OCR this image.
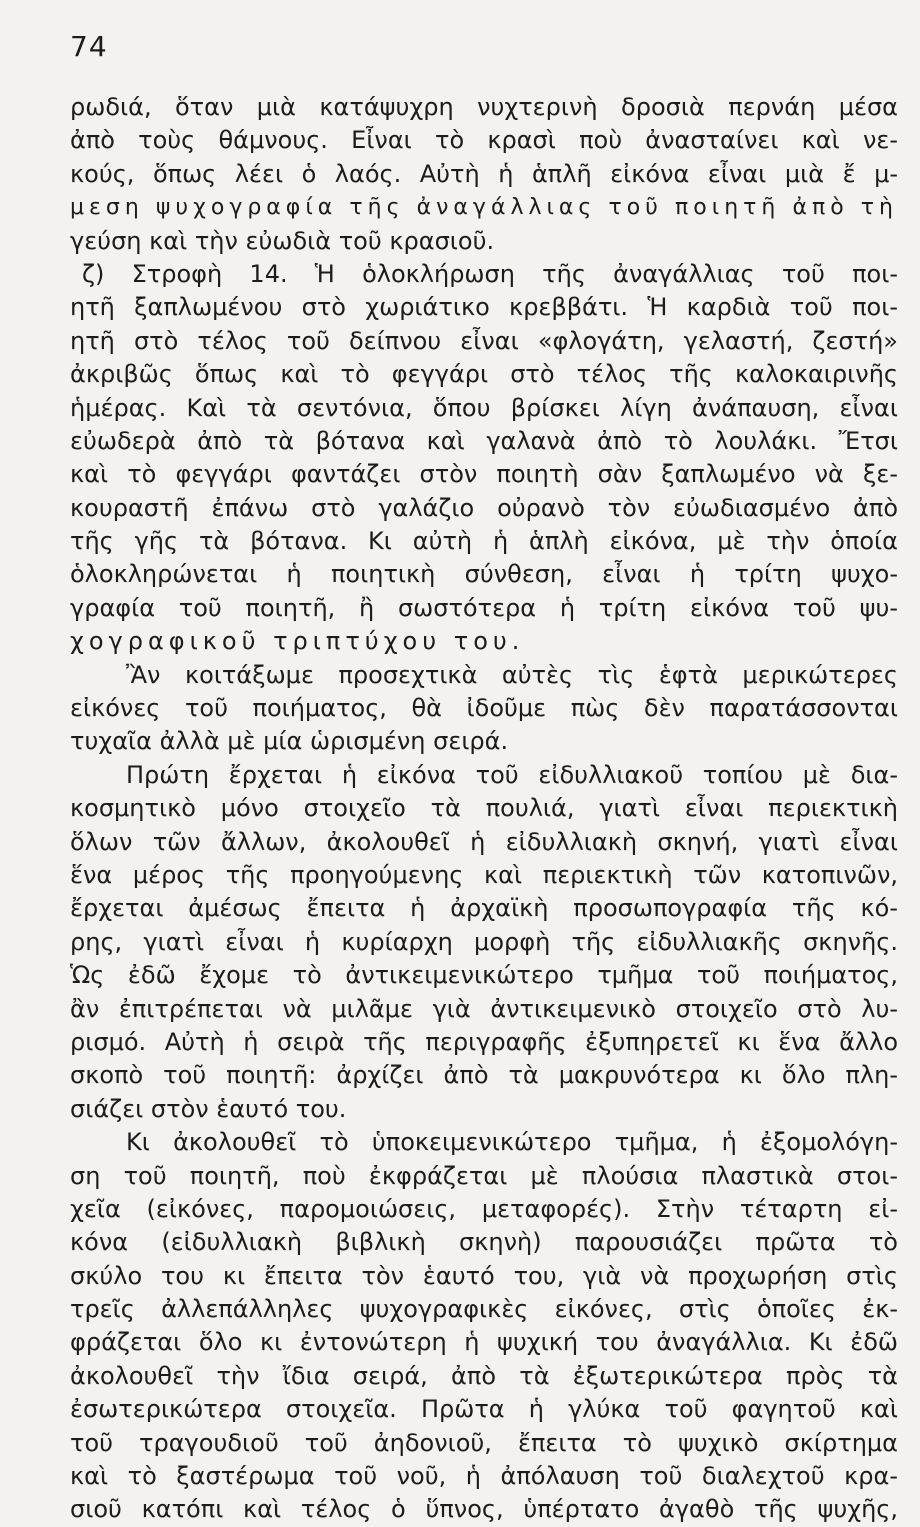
74
ρωδιά, ὅταν μιὰ κατάψυχρη νυχτερινὴ δροσιὰ περνάη μέσα
ἀπὸ τοὺς θάμνους. Εἶναι τὸ κρασὶ ποὺ ἀνασταίνει καὶ νε-
κούς, ὅπως λέει ὁ λαός. Αὐτὴ ἡ ἁπλῆ εἰκόνα εἶναι μιὰ ἔ μ-
μεση ψυχογραφία τῆς ἀναγάλλιας τοῦ ποιητῆ ἀπὸ τὴ
γεύση καὶ τὴν εὐωδιὰ τοῦ κρασιοῦ.
ζ) Στροφὴ 14. Ἡ ὁλοκλήρωση τῆς ἀναγάλλιας τοῦ ποι-
ητῆ ξαπλωμένου στὸ χωριάτικο κρεββάτι. Ἡ καρδιὰ τοῦ ποι-
ητῆ στὸ τέλος τοῦ δείπνου εἶναι «φλογάτη, γελαστή, ζεστή»
ἀκριβῶς ὅπως καὶ τὸ φεγγάρι στὸ τέλος τῆς καλοκαιρινῆς
ἡμέρας. Καὶ τὰ σεντόνια, ὅπου βρίσκει λίγη ἀνάπαυση, εἶναι
εὐωδερὰ ἀπὸ τὰ βότανα καὶ γαλανὰ ἀπὸ τὸ λουλάκι. Ἔτσι
καὶ τὸ φεγγάρι φαντάζει στὸν ποιητὴ σὰν ξαπλωμένο νὰ ξε-
κουραστῆ ἐπάνω στὸ γαλάζιο οὐρανὸ τὸν εὐωδιασμένο ἀπὸ
τῆς γῆς τὰ βότανα. Κι αὐτὴ ἡ ἁπλὴ εἰκόνα, μὲ τὴν ὁποία
ὁλοκληρώνεται ἡ ποιητικὴ σύνθεση, εἶναι ἡ τρίτη ψυχο-
γραφία τοῦ ποιητῆ, ἢ σωστότερα ἡ τρίτη εἰκόνα τοῦ ψυ-
χογραφικοῦ τριπτύχου του.
Ἂν κοιτάξωμε προσεχτικὰ αὐτὲς τὶς ἑφτὰ μερικώτερες
εἰκόνες τοῦ ποιήματος, θὰ ἰδοῦμε πὼς δὲν παρατάσσονται
τυχαῖα ἀλλὰ μὲ μία ὡρισμένη σειρά.
Πρώτη ἔρχεται ἡ εἰκόνα τοῦ εἰδυλλιακοῦ τοπίου μὲ δια-
κοσμητικὸ μόνο στοιχεῖο τὰ πουλιά, γιατὶ εἶναι περιεκτικὴ
ὅλων τῶν ἄλλων, ἀκολουθεῖ ἡ εἰδυλλιακὴ σκηνή, γιατὶ εἶναι
ἕνα μέρος τῆς προηγούμενης καὶ περιεκτικὴ τῶν κατοπινῶν,
ἔρχεται ἀμέσως ἔπειτα ἡ ἀρχαϊκὴ προσωπογραφία τῆς κό-
ρης, γιατὶ εἶναι ἡ κυρίαρχη μορφὴ τῆς εἰδυλλιακῆς σκηνῆς.
Ὡς ἐδῶ ἔχομε τὸ ἀντικειμενικώτερο τμῆμα τοῦ ποιήματος,
ἂν ἐπιτρέπεται νὰ μιλᾶμε γιὰ ἀντικειμενικὸ στοιχεῖο στὸ λυ-
ρισμό. Αὐτὴ ἡ σειρὰ τῆς περιγραφῆς ἐξυπηρετεῖ κι ἕνα ἄλλο
σκοπὸ τοῦ ποιητῆ: ἀρχίζει ἀπὸ τὰ μακρυνότερα κι ὅλο πλη-
σιάζει στὸν ἑαυτό του.
Κι ἀκολουθεῖ τὸ ὑποκειμενικώτερο τμῆμα, ἡ ἐξομολόγη-
ση τοῦ ποιητῆ, ποὺ ἐκφράζεται μὲ πλούσια πλαστικὰ στοι-
χεῖα (εἰκόνες, παρομοιώσεις, μεταφορές). Στὴν τέταρτη εἰ-
κόνα (εἰδυλλιακὴ βιβλικὴ σκηνὴ) παρουσιάζει πρῶτα τὸ
σκύλο του κι ἔπειτα τὸν ἑαυτό του, γιὰ νὰ προχωρήση στὶς
τρεῖς ἀλλεπάλληλες ψυχογραφικὲς εἰκόνες, στὶς ὁποῖες ἐκ-
φράζεται ὅλο κι ἐντονώτερη ἡ ψυχική του ἀναγάλλια. Κι ἐδῶ
ἀκολουθεῖ τὴν ἴδια σειρά, ἀπὸ τὰ ἐξωτερικώτερα πρὸς τὰ
ἐσωτερικώτερα στοιχεῖα. Πρῶτα ἡ γλύκα τοῦ φαγητοῦ καὶ
τοῦ τραγουδιοῦ τοῦ ἀηδονιοῦ, ἔπειτα τὸ ψυχικὸ σκίρτημα
καὶ τὸ ξαστέρωμα τοῦ νοῦ, ἡ ἀπόλαυση τοῦ διαλεχτοῦ κρα-
σιοῦ κατόπι καὶ τέλος ὁ ὕπνος, ὑπέρτατο ἀγαθὸ τῆς ψυχῆς,
